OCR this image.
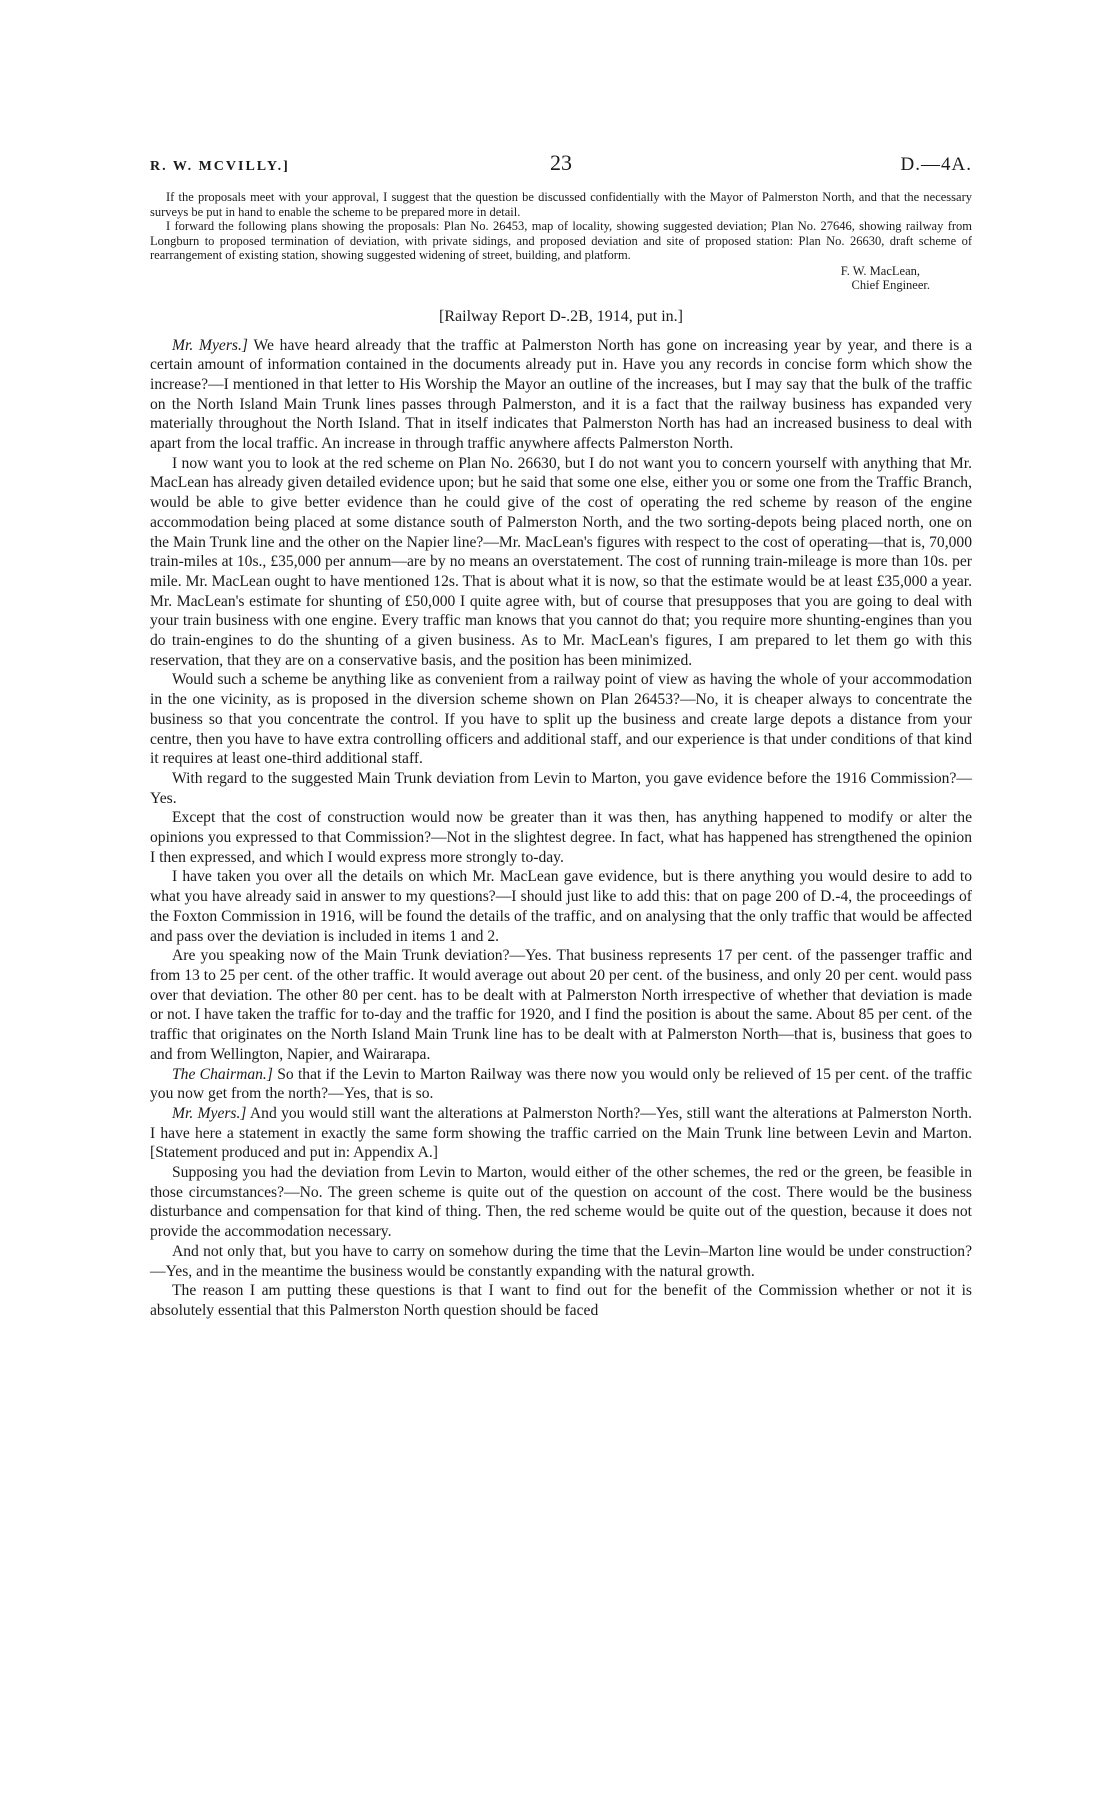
R. W. MCVILLY.]	23	D.—4A.

If the proposals meet with your approval, I suggest that the question be discussed confidentially with the Mayor of Palmerston North, and that the necessary surveys be put in hand to enable the scheme to be prepared more in detail.

I forward the following plans showing the proposals: Plan No. 26453, map of locality, showing suggested deviation; Plan No. 27646, showing railway from Longburn to proposed termination of deviation, with private sidings, and proposed deviation and site of proposed station: Plan No. 26630, draft scheme of rearrangement of existing station, showing suggested widening of street, building, and platform.

F. W. MacLean,
Chief Engineer.
[Railway Report D-.2B, 1914, put in.]

Mr. Myers.] We have heard already that the traffic at Palmerston North has gone on increasing year by year, and there is a certain amount of information contained in the documents already put in. Have you any records in concise form which show the increase?—I mentioned in that letter to His Worship the Mayor an outline of the increases, but I may say that the bulk of the traffic on the North Island Main Trunk lines passes through Palmerston, and it is a fact that the railway business has expanded very materially throughout the North Island. That in itself indicates that Palmerston North has had an increased business to deal with apart from the local traffic. An increase in through traffic anywhere affects Palmerston North.

I now want you to look at the red scheme on Plan No. 26630, but I do not want you to concern yourself with anything that Mr. MacLean has already given detailed evidence upon; but he said that some one else, either you or some one from the Traffic Branch, would be able to give better evidence than he could give of the cost of operating the red scheme by reason of the engine accommodation being placed at some distance south of Palmerston North, and the two sorting-depots being placed north, one on the Main Trunk line and the other on the Napier line?—Mr. MacLean's figures with respect to the cost of operating—that is, 70,000 train-miles at 10s., £35,000 per annum—are by no means an overstatement. The cost of running train-mileage is more than 10s. per mile. Mr. MacLean ought to have mentioned 12s. That is about what it is now, so that the estimate would be at least £35,000 a year. Mr. MacLean's estimate for shunting of £50,000 I quite agree with, but of course that presupposes that you are going to deal with your train business with one engine. Every traffic man knows that you cannot do that; you require more shunting-engines than you do train-engines to do the shunting of a given business. As to Mr. MacLean's figures, I am prepared to let them go with this reservation, that they are on a conservative basis, and the position has been minimized.

Would such a scheme be anything like as convenient from a railway point of view as having the whole of your accommodation in the one vicinity, as is proposed in the diversion scheme shown on Plan 26453?—No, it is cheaper always to concentrate the business so that you concentrate the control. If you have to split up the business and create large depots a distance from your centre, then you have to have extra controlling officers and additional staff, and our experience is that under conditions of that kind it requires at least one-third additional staff.

With regard to the suggested Main Trunk deviation from Levin to Marton, you gave evidence before the 1916 Commission?—Yes.

Except that the cost of construction would now be greater than it was then, has anything happened to modify or alter the opinions you expressed to that Commission?—Not in the slightest degree. In fact, what has happened has strengthened the opinion I then expressed, and which I would express more strongly to-day.

I have taken you over all the details on which Mr. MacLean gave evidence, but is there anything you would desire to add to what you have already said in answer to my questions?—I should just like to add this: that on page 200 of D.-4, the proceedings of the Foxton Commission in 1916, will be found the details of the traffic, and on analysing that the only traffic that would be affected and pass over the deviation is included in items 1 and 2.

Are you speaking now of the Main Trunk deviation?—Yes. That business represents 17 per cent. of the passenger traffic and from 13 to 25 per cent. of the other traffic. It would average out about 20 per cent. of the business, and only 20 per cent. would pass over that deviation. The other 80 per cent. has to be dealt with at Palmerston North irrespective of whether that deviation is made or not. I have taken the traffic for to-day and the traffic for 1920, and I find the position is about the same. About 85 per cent. of the traffic that originates on the North Island Main Trunk line has to be dealt with at Palmerston North—that is, business that goes to and from Wellington, Napier, and Wairarapa.

The Chairman.] So that if the Levin to Marton Railway was there now you would only be relieved of 15 per cent. of the traffic you now get from the north?—Yes, that is so.

Mr. Myers.] And you would still want the alterations at Palmerston North?—Yes, still want the alterations at Palmerston North. I have here a statement in exactly the same form showing the traffic carried on the Main Trunk line between Levin and Marton. [Statement produced and put in: Appendix A.]

Supposing you had the deviation from Levin to Marton, would either of the other schemes, the red or the green, be feasible in those circumstances?—No. The green scheme is quite out of the question on account of the cost. There would be the business disturbance and compensation for that kind of thing. Then, the red scheme would be quite out of the question, because it does not provide the accommodation necessary.

And not only that, but you have to carry on somehow during the time that the Levin–Marton line would be under construction?—Yes, and in the meantime the business would be constantly expanding with the natural growth.

The reason I am putting these questions is that I want to find out for the benefit of the Commission whether or not it is absolutely essential that this Palmerston North question should be faced
